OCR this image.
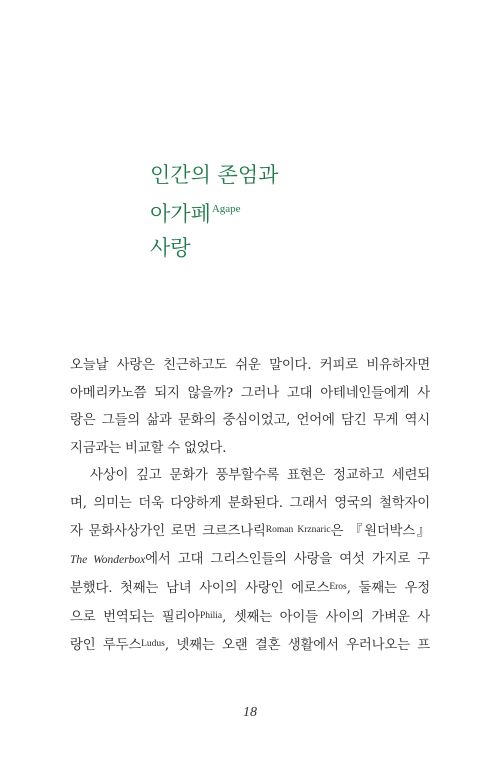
인간의 존엄과
아가페$^{Agape}$
사랑
오늘날 사랑은 친근하고도 쉬운 말이다. 커피로 비유하자면
아메리카노쯤 되지 않을까? 그러나 고대 아테네인들에게 사
랑은 그들의 삶과 문화의 중심이었고, 언어에 담긴 무게 역시
지금과는 비교할 수 없었다.
사상이 깊고 문화가 풍부할수록 표현은 정교하고 세련되
며, 의미는 더욱 다양하게 분화된다. 그래서 영국의 철학자이
자 문화사상가인 로먼 크르즈나릭$^{Roman Krznaric}$은 『원더박스』
The Wonderbox에서 고대 그리스인들의 사랑을 여섯 가지로 구
분했다. 첫째는 남녀 사이의 사랑인 에로스$^{Eros}$, 둘째는 우정
으로 번역되는 필리아$^{Philia}$, 셋째는 아이들 사이의 가벼운 사
랑인 루두스$^{Ludus}$, 넷째는 오랜 결혼 생활에서 우러나오는 프
18
